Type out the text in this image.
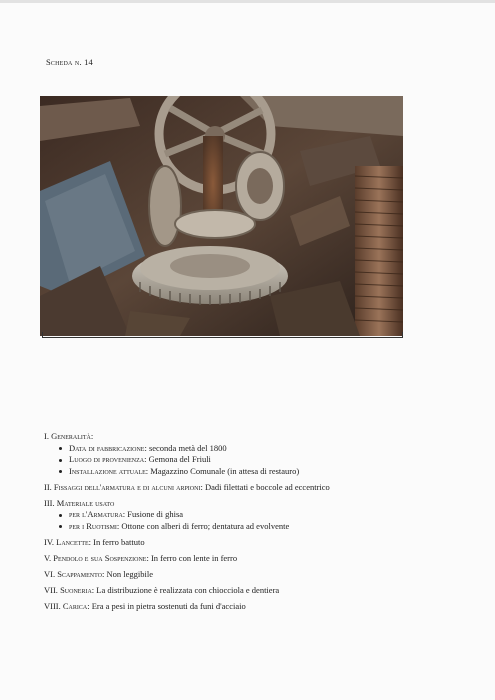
Scheda n. 14
I. Generalità:
Data di fabbricazione: seconda metà del 1800
Luogo di provenienza: Gemona del Friuli
Installazione attuale: Magazzino Comunale (in attesa di restauro)
II. Fissaggi dell'armatura e di alcuni arpioni: Dadi filettati e boccole ad eccentrico
III. Materiale usato
per l'Armatura: Fusione di ghisa
per i Ruotismi: Ottone con alberi di ferro; dentatura ad evolvente
IV. Lancette: In ferro battuto
V. Pendolo e sua Sospenzione: In ferro con lente in ferro
VI. Scappamento: Non leggibile
VII. Suoneria: La distribuzione è realizzata con chiocciola e dentiera
VIII. Carica: Era a pesi in pietra sostenuti da funi d'acciaio
